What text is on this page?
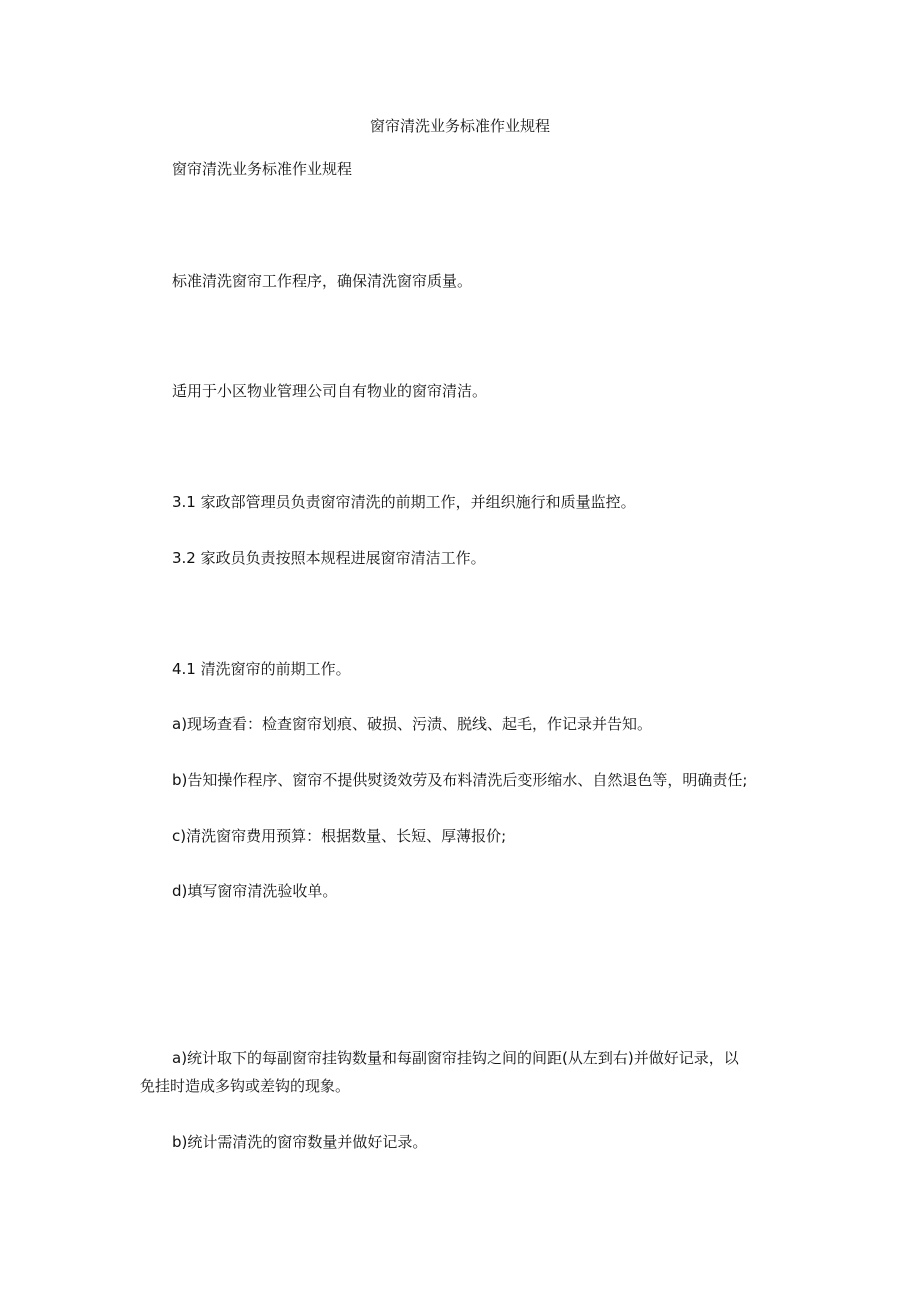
窗帘清洗业务标准作业规程
窗帘清洗业务标准作业规程
标准清洗窗帘工作程序，确保清洗窗帘质量。
适用于小区物业管理公司自有物业的窗帘清洁。
3.1 家政部管理员负责窗帘清洗的前期工作，并组织施行和质量监控。
3.2 家政员负责按照本规程进展窗帘清洁工作。
4.1 清洗窗帘的前期工作。
a)现场查看：检查窗帘划痕、破损、污渍、脱线、起毛，作记录并告知。
b)告知操作程序、窗帘不提供熨烫效劳及布料清洗后变形缩水、自然退色等，明确责任;
c)清洗窗帘费用预算：根据数量、长短、厚薄报价;
d)填写窗帘清洗验收单。
a)统计取下的每副窗帘挂钩数量和每副窗帘挂钩之间的间距(从左到右)并做好记录，以
免挂时造成多钩或差钩的现象。
b)统计需清洗的窗帘数量并做好记录。
